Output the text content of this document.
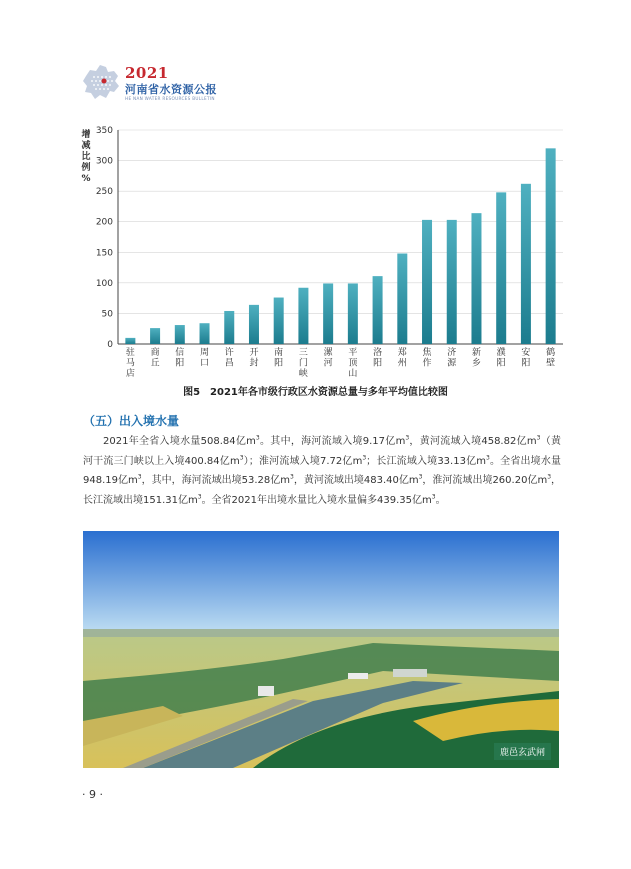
2021
河南省水资源公报
HE NAN WATER RESOURCES BULLETIN
增
减
比
例
%
0
50
100
150
200
250
300
350
驻马店
商丘
信阳
周口
许昌
开封
南阳
三门峡
漯河
平顶山
洛阳
郑州
焦作
济源
新乡
濮阳
安阳
鹤壁
图5　2021年各市级行政区水资源总量与多年平均值比较图
（五）出入境水量

2021年全省入境水量508.84亿$m^3$。其中，海河流域入境9.17亿$m^3$，黄河流域入境458.82亿$m^3$（黄河干流三门峡以上入境400.84亿$m^3$）；淮河流域入境7.72亿$m^3$；长江流域入境33.13亿$m^3$。全省出境水量948.19亿$m^3$，其中，海河流域出境53.28亿$m^3$，黄河流域出境483.40亿$m^3$，淮河流域出境260.20亿$m^3$，长江流域出境151.31亿$m^3$。全省2021年出境水量比入境水量偏多439.35亿$m^3$。

鹿邑玄武闸
· 9 ·
